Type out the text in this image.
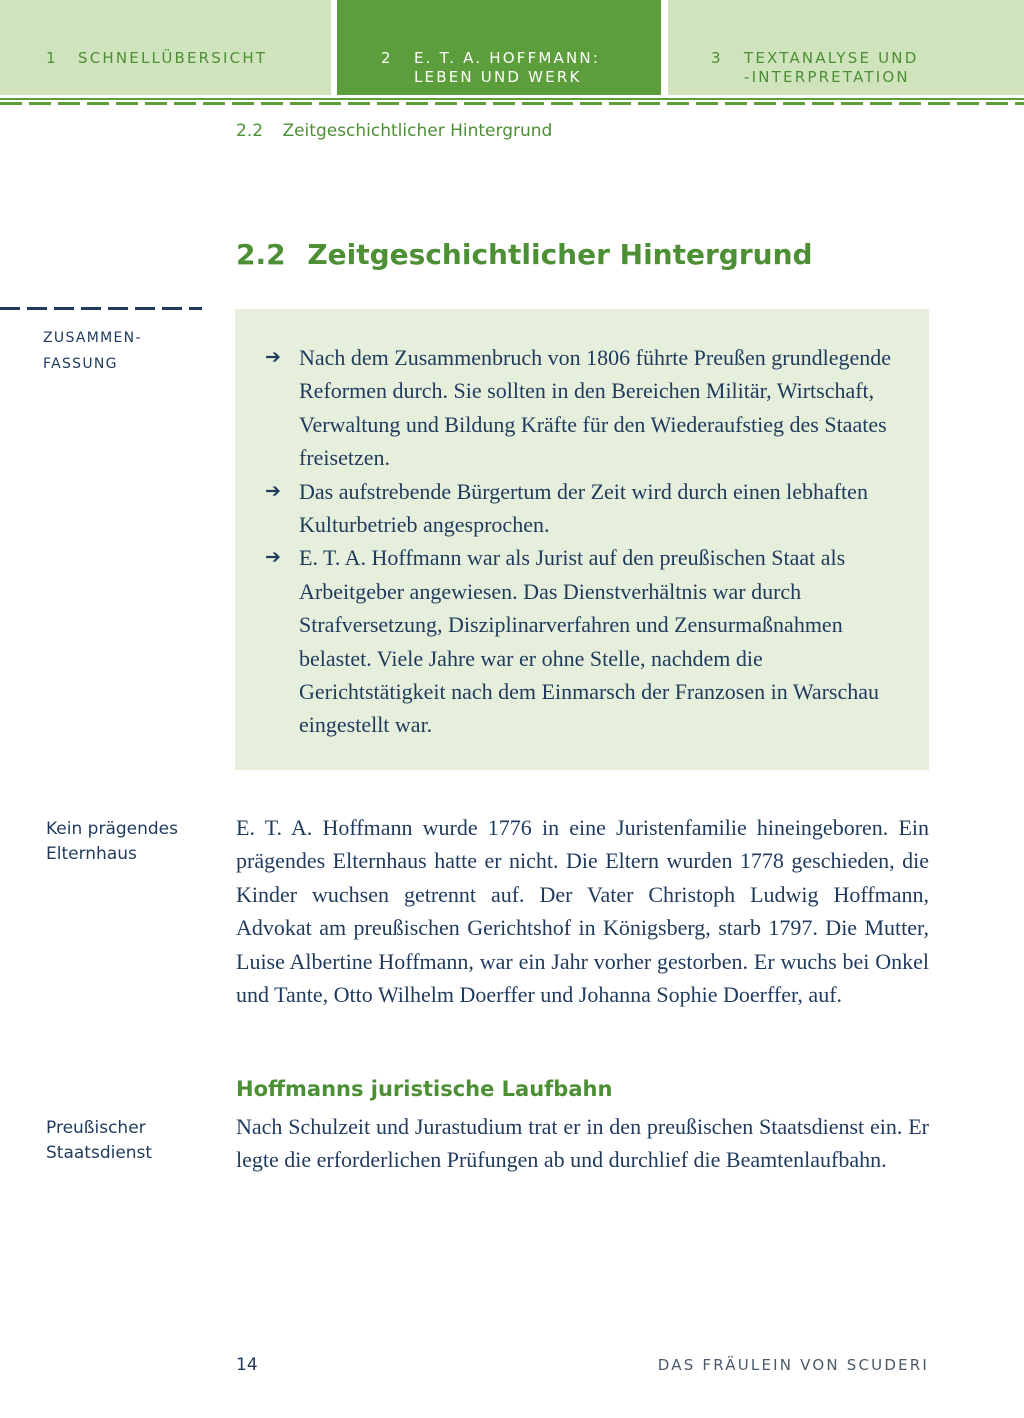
1 SCHNELLÜBERSICHT	2 E. T. A. HOFFMANN:
LEBEN UND WERK
3 TEXTANALYSE UND
-INTERPRETATION
2.2 Zeitgeschichtlicher Hintergrund
2.2 Zeitgeschichtlicher Hintergrund
ZUSAMMEN-
FASSUNG	➔ Nach dem Zusammenbruch von 1806 führte Preußen grundlegende Reformen durch. Sie sollten in den Bereichen Militär, Wirtschaft, Verwaltung und Bildung Kräfte für den Wiederaufstieg des Staates freisetzen.
➔ Das aufstrebende Bürgertum der Zeit wird durch einen lebhaften Kulturbetrieb angesprochen.
➔ E. T. A. Hoffmann war als Jurist auf den preußischen Staat als Arbeitgeber angewiesen. Das Dienstverhältnis war durch Strafversetzung, Disziplinarverfahren und Zensurmaßnahmen belastet. Viele Jahre war er ohne Stelle, nachdem die Gerichtstätigkeit nach dem Einmarsch der Franzosen in Warschau eingestellt war.
Kein prägendes
Elternhaus

E. T. A. Hoffmann wurde 1776 in eine Juristenfamilie hineingeboren. Ein prägendes Elternhaus hatte er nicht. Die Eltern wurden 1778 geschieden, die Kinder wuchsen getrennt auf. Der Vater Christoph Ludwig Hoffmann, Advokat am preußischen Gerichtshof in Königsberg, starb 1797. Die Mutter, Luise Albertine Hoffmann, war ein Jahr vorher gestorben. Er wuchs bei Onkel und Tante, Otto Wilhelm Doerffer und Johanna Sophie Doerffer, auf.

Hoffmanns juristische Laufbahn
Preußischer
Staatsdienst

Nach Schulzeit und Jurastudium trat er in den preußischen Staatsdienst ein. Er legte die erforderlichen Prüfungen ab und durchlief die Beamtenlaufbahn.

14	DAS FRÄULEIN VON SCUDERI
